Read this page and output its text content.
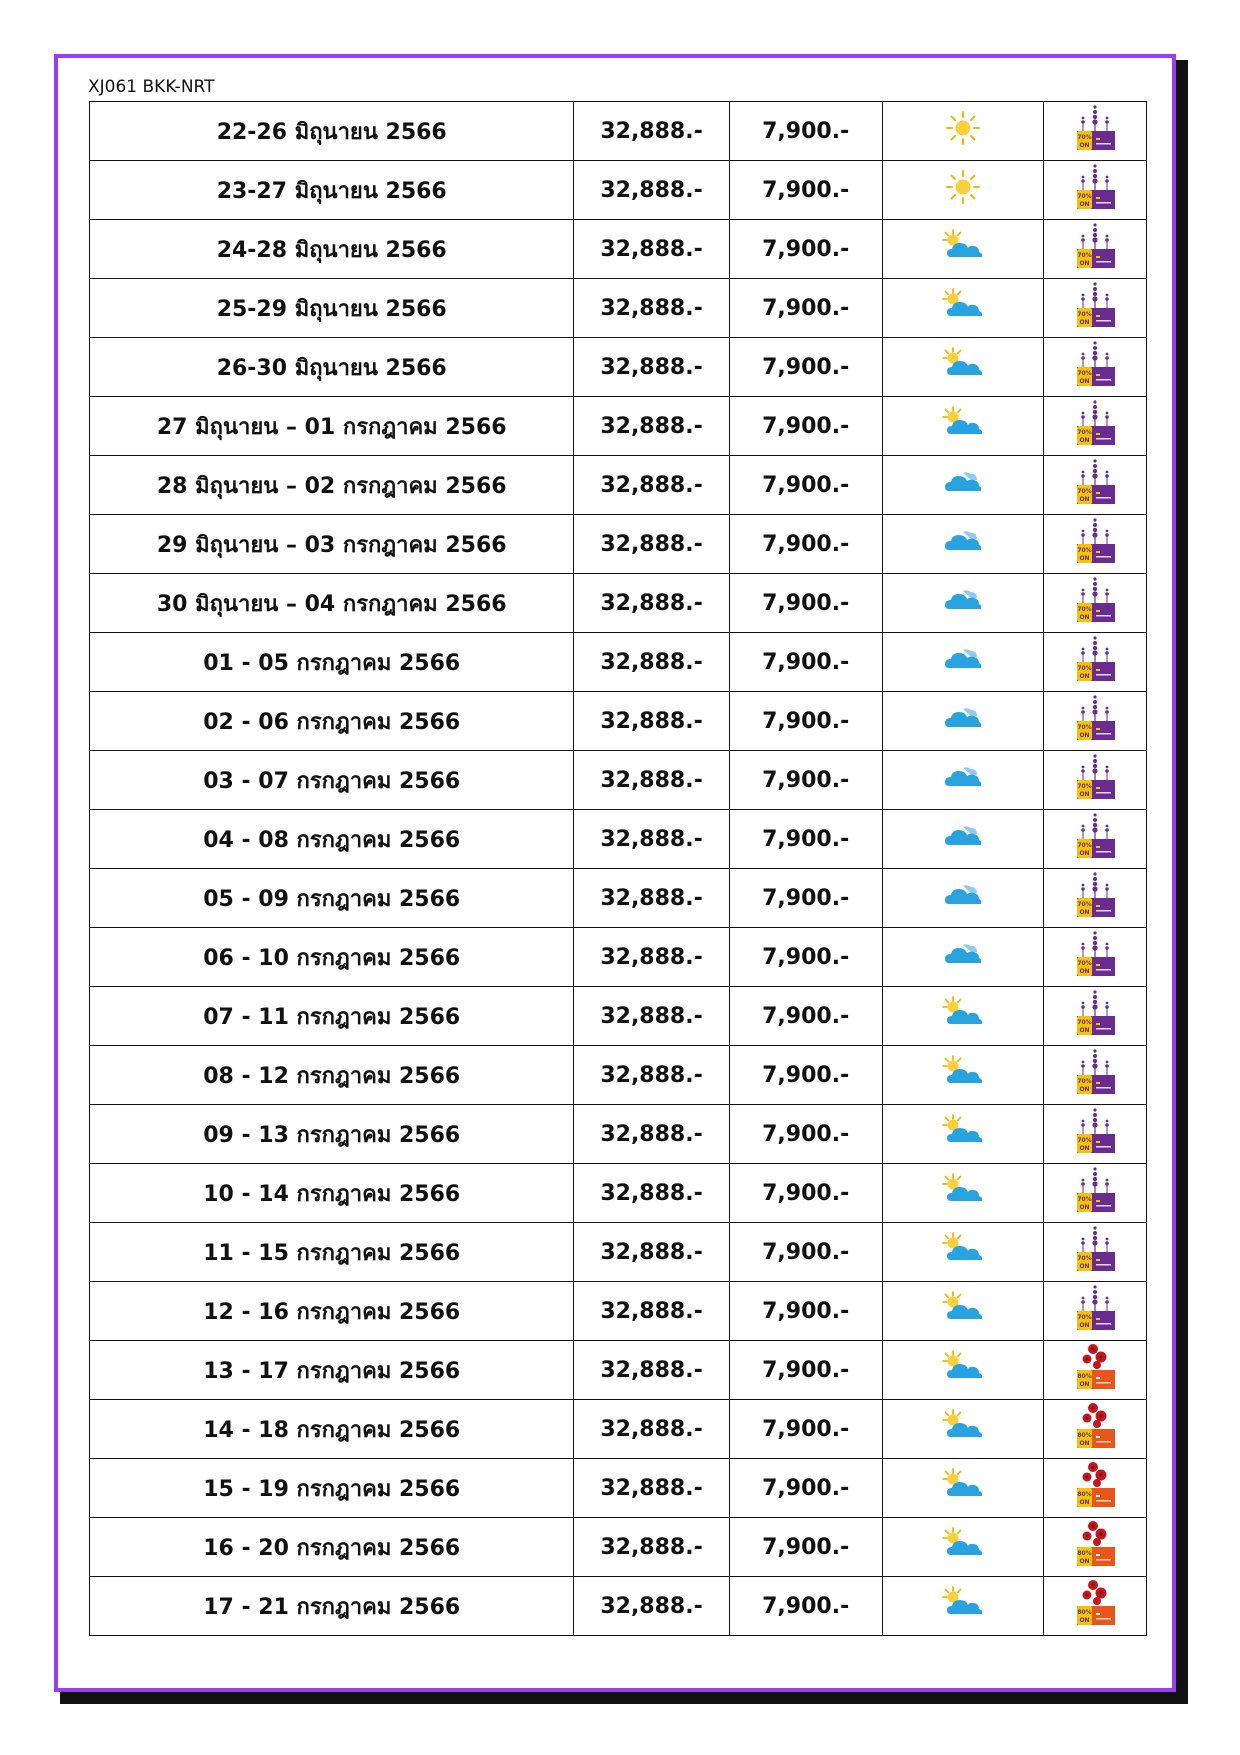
XJ061 BKK-NRT
22-26 มิถุนายน 2566	32,888.-	7,900.-		70%
ON

23-27 มิถุนายน 2566	32,888.-	7,900.-		70%
ON

24-28 มิถุนายน 2566	32,888.-	7,900.-		70%
ON

25-29 มิถุนายน 2566	32,888.-	7,900.-		70%
ON

26-30 มิถุนายน 2566	32,888.-	7,900.-		70%
ON

27 มิถุนายน – 01 กรกฎาคม 2566	32,888.-	7,900.-		70%
ON

28 มิถุนายน – 02 กรกฎาคม 2566	32,888.-	7,900.-		70%
ON

29 มิถุนายน – 03 กรกฎาคม 2566	32,888.-	7,900.-		70%
ON

30 มิถุนายน – 04 กรกฎาคม 2566	32,888.-	7,900.-		70%
ON

01 - 05 กรกฎาคม 2566	32,888.-	7,900.-		70%
ON

02 - 06 กรกฎาคม 2566	32,888.-	7,900.-		70%
ON

03 - 07 กรกฎาคม 2566	32,888.-	7,900.-		70%
ON

04 - 08 กรกฎาคม 2566	32,888.-	7,900.-		70%
ON

05 - 09 กรกฎาคม 2566	32,888.-	7,900.-		70%
ON

06 - 10 กรกฎาคม 2566	32,888.-	7,900.-		70%
ON

07 - 11 กรกฎาคม 2566	32,888.-	7,900.-		70%
ON

08 - 12 กรกฎาคม 2566	32,888.-	7,900.-		70%
ON

09 - 13 กรกฎาคม 2566	32,888.-	7,900.-		70%
ON

10 - 14 กรกฎาคม 2566	32,888.-	7,900.-		70%
ON

11 - 15 กรกฎาคม 2566	32,888.-	7,900.-		70%
ON

12 - 16 กรกฎาคม 2566	32,888.-	7,900.-		70%
ON

13 - 17 กรกฎาคม 2566	32,888.-	7,900.-		80%
ON

14 - 18 กรกฎาคม 2566	32,888.-	7,900.-		80%
ON

15 - 19 กรกฎาคม 2566	32,888.-	7,900.-		80%
ON

16 - 20 กรกฎาคม 2566	32,888.-	7,900.-		80%
ON

17 - 21 กรกฎาคม 2566	32,888.-	7,900.-		80%
ON
